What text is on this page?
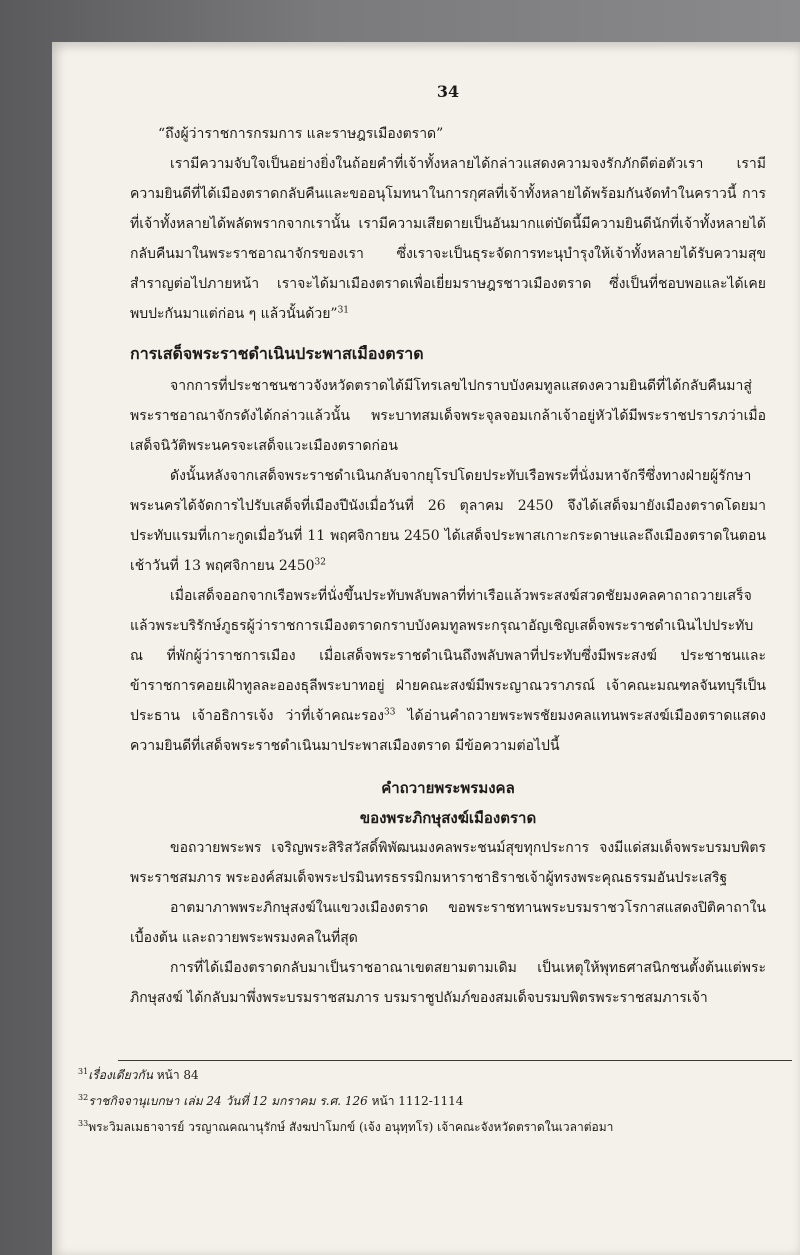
34

“ถึงผู้ว่าราชการกรมการ และราษฎรเมืองตราด”

เรามีความจับใจเป็นอย่างยิ่งในถ้อยคำที่เจ้าทั้งหลายได้กล่าวแสดงความจงรักภักดีต่อตัวเรา เรามีความยินดีที่ได้เมืองตราดกลับคืนและขออนุโมทนาในการกุศลที่เจ้าทั้งหลายได้พร้อมกันจัดทำในคราวนี้ การที่เจ้าทั้งหลายได้พลัดพรากจากเรานั้น เรามีความเสียดายเป็นอันมากแต่บัดนี้มีความยินดีนักที่เจ้าทั้งหลายได้กลับคืนมาในพระราชอาณาจักรของเรา ซึ่งเราจะเป็นธุระจัดการทะนุบำรุงให้เจ้าทั้งหลายได้รับความสุขสำราญต่อไปภายหน้า เราจะได้มาเมืองตราดเพื่อเยี่ยมราษฎรชาวเมืองตราด ซึ่งเป็นที่ชอบพอและได้เคยพบปะกันมาแต่ก่อน ๆ แล้วนั้นด้วย”$^{31}$

การเสด็จพระราชดำเนินประพาสเมืองตราด

จากการที่ประชาชนชาวจังหวัดตราดได้มีโทรเลขไปกราบบังคมทูลแสดงความยินดีที่ได้กลับคืนมาสู่พระราชอาณาจักรดังได้กล่าวแล้วนั้น พระบาทสมเด็จพระจุลจอมเกล้าเจ้าอยู่หัวได้มีพระราชปรารภว่าเมื่อเสด็จนิวัติพระนครจะเสด็จแวะเมืองตราดก่อน

ดังนั้นหลังจากเสด็จพระราชดำเนินกลับจากยุโรปโดยประทับเรือพระที่นั่งมหาจักรีซึ่งทางฝ่ายผู้รักษาพระนครได้จัดการไปรับเสด็จที่เมืองปีนังเมื่อวันที่ 26 ตุลาคม 2450 จึงได้เสด็จมายังเมืองตราดโดยมาประทับแรมที่เกาะกูดเมื่อวันที่ 11 พฤศจิกายน 2450 ได้เสด็จประพาสเกาะกระดาษและถึงเมืองตราดในตอนเช้าวันที่ 13 พฤศจิกายน 2450$^{32}$

เมื่อเสด็จออกจากเรือพระที่นั่งขึ้นประทับพลับพลาที่ท่าเรือแล้วพระสงฆ์สวดชัยมงคลคาถาถวายเสร็จแล้วพระบริรักษ์ภูธรผู้ว่าราชการเมืองตราดกราบบังคมทูลพระกรุณาอัญเชิญเสด็จพระราชดำเนินไปประทับ ณ ที่พักผู้ว่าราชการเมือง เมื่อเสด็จพระราชดำเนินถึงพลับพลาที่ประทับซึ่งมีพระสงฆ์ ประชาชนและข้าราชการคอยเฝ้าทูลละอองธุลีพระบาทอยู่ ฝ่ายคณะสงฆ์มีพระญาณวราภรณ์ เจ้าคณะมณฑลจันทบุรีเป็นประธาน เจ้าอธิการเจ้ง ว่าที่เจ้าคณะรอง$^{33}$ ได้อ่านคำถวายพระพรชัยมงคลแทนพระสงฆ์เมืองตราดแสดงความยินดีที่เสด็จพระราชดำเนินมาประพาสเมืองตราด มีข้อความต่อไปนี้

คำถวายพระพรมงคล
ของพระภิกษุสงฆ์เมืองตราด

ขอถวายพระพร เจริญพระสิริสวัสดิ์พิพัฒนมงคลพระชนม์สุขทุกประการ จงมีแด่สมเด็จพระบรมบพิตรพระราชสมภาร พระองค์สมเด็จพระปรมินทรธรรมิกมหาราชาธิราชเจ้าผู้ทรงพระคุณธรรมอันประเสริฐ

อาตมาภาพพระภิกษุสงฆ์ในแขวงเมืองตราด ขอพระราชทานพระบรมราชวโรกาสแสดงปิติคาถาในเบื้องต้น และถวายพระพรมงคลในที่สุด

การที่ได้เมืองตราดกลับมาเป็นราชอาณาเขตสยามตามเดิม เป็นเหตุให้พุทธศาสนิกชนตั้งต้นแต่พระภิกษุสงฆ์ ได้กลับมาพึ่งพระบรมราชสมภาร บรมราชูปถัมภ์ของสมเด็จบรมบพิตรพระราชสมภารเจ้า

$^{31}$เรื่องเดียวกัน หน้า 84
$^{32}$ราชกิจจานุเบกษา เล่ม 24 วันที่ 12 มกราคม ร.ศ. 126 หน้า 1112-1114
$^{33}$พระวิมลเมธาจารย์ วรญาณคณานุรักษ์ สังฆปาโมกข์ (เจ้ง อนุทฺทโร) เจ้าคณะจังหวัดตราดในเวลาต่อมา
